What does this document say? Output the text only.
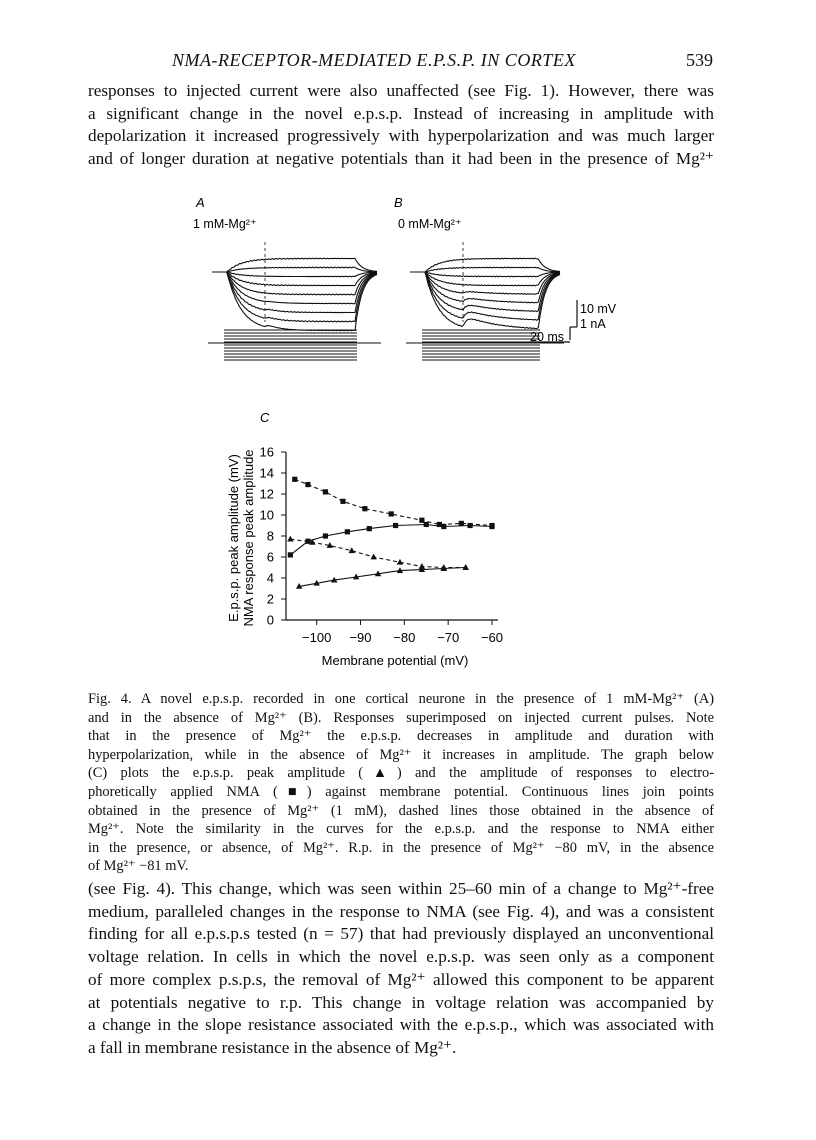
NMA-RECEPTOR-MEDIATED E.P.S.P. IN CORTEX	539
responses to injected current were also unaffected (see Fig. 1). However, there was
a significant change in the novel e.p.s.p. Instead of increasing in amplitude with
depolarization it increased progressively with hyperpolarization and was much larger
and of longer duration at negative potentials than it had been in the presence of Mg²⁺
A	B
1 mM-Mg²⁺	0 mM-Mg²⁺
10 mV
1 nA
20 ms
C
0
2
4
6
8
10
12
14
16
−100 −90 −80 −70 −60
E.p.s.p. peak amplitude (mV) NMA response peak amplitude
Membrane potential (mV)
Fig. 4. A novel e.p.s.p. recorded in one cortical neurone in the presence of 1 mM-Mg²⁺ (A)
and in the absence of Mg²⁺ (B). Responses superimposed on injected current pulses. Note
that in the presence of Mg²⁺ the e.p.s.p. decreases in amplitude and duration with
hyperpolarization, while in the absence of Mg²⁺ it increases in amplitude. The graph below
(C) plots the e.p.s.p. peak amplitude (▲) and the amplitude of responses to electro-
phoretically applied NMA (■) against membrane potential. Continuous lines join points
obtained in the presence of Mg²⁺ (1 mM), dashed lines those obtained in the absence of
Mg²⁺. Note the similarity in the curves for the e.p.s.p. and the response to NMA either
in the presence, or absence, of Mg²⁺. R.p. in the presence of Mg²⁺ −80 mV, in the absence
of Mg²⁺ −81 mV.
(see Fig. 4). This change, which was seen within 25–60 min of a change to Mg²⁺-free
medium, paralleled changes in the response to NMA (see Fig. 4), and was a consistent
finding for all e.p.s.p.s tested (n = 57) that had previously displayed an unconventional
voltage relation. In cells in which the novel e.p.s.p. was seen only as a component
of more complex p.s.p.s, the removal of Mg²⁺ allowed this component to be apparent
at potentials negative to r.p. This change in voltage relation was accompanied by
a change in the slope resistance associated with the e.p.s.p., which was associated with
a fall in membrane resistance in the absence of Mg²⁺.
